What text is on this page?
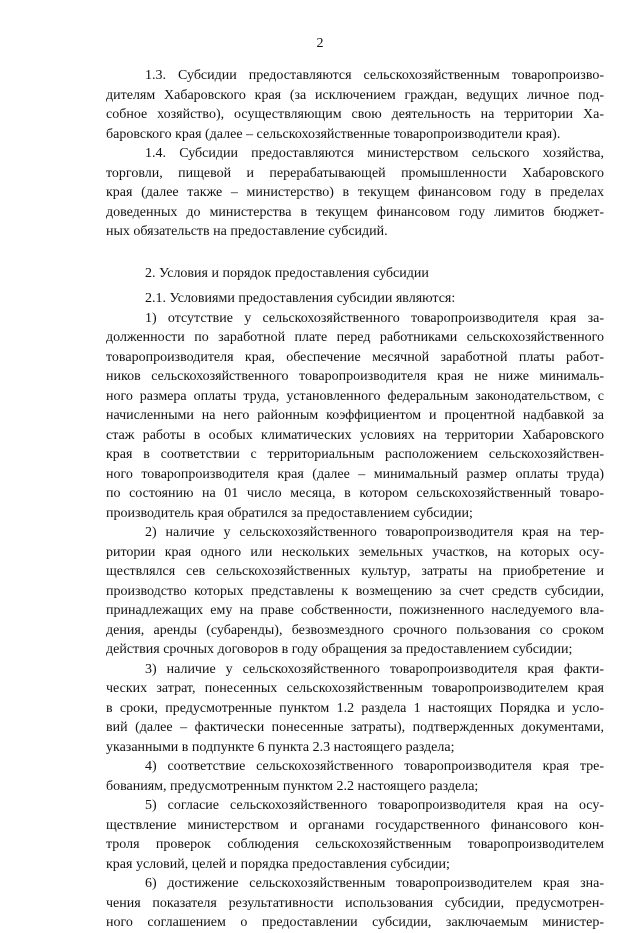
2
1.3. Субсидии предоставляются сельскохозяйственным товаропроизво-
дителям Хабаровского края (за исключением граждан, ведущих личное под-
собное хозяйство), осуществляющим свою деятельность на территории Ха-
баровского края (далее – сельскохозяйственные товаропроизводители края).
1.4. Субсидии предоставляются министерством сельского хозяйства,
торговли, пищевой и перерабатывающей промышленности Хабаровского
края (далее также – министерство) в текущем финансовом году в пределах
доведенных до министерства в текущем финансовом году лимитов бюджет-
ных обязательств на предоставление субсидий.
2. Условия и порядок предоставления субсидии
2.1. Условиями предоставления субсидии являются:
1) отсутствие у сельскохозяйственного товаропроизводителя края за-
долженности по заработной плате перед работниками сельскохозяйственного
товаропроизводителя края, обеспечение месячной заработной платы работ-
ников сельскохозяйственного товаропроизводителя края не ниже минималь-
ного размера оплаты труда, установленного федеральным законодательством, с
начисленными на него районным коэффициентом и процентной надбавкой за
стаж работы в особых климатических условиях на территории Хабаровского
края в соответствии с территориальным расположением сельскохозяйствен-
ного товаропроизводителя края (далее – минимальный размер оплаты труда)
по состоянию на 01 число месяца, в котором сельскохозяйственный товаро-
производитель края обратился за предоставлением субсидии;
2) наличие у сельскохозяйственного товаропроизводителя края на тер-
ритории края одного или нескольких земельных участков, на которых осу-
ществлялся сев сельскохозяйственных культур, затраты на приобретение и
производство которых представлены к возмещению за счет средств субсидии,
принадлежащих ему на праве собственности, пожизненного наследуемого вла-
дения, аренды (субаренды), безвозмездного срочного пользования со сроком
действия срочных договоров в году обращения за предоставлением субсидии;
3) наличие у сельскохозяйственного товаропроизводителя края факти-
ческих затрат, понесенных сельскохозяйственным товаропроизводителем края
в сроки, предусмотренные пунктом 1.2 раздела 1 настоящих Порядка и усло-
вий (далее – фактически понесенные затраты), подтвержденных документами,
указанными в подпункте 6 пункта 2.3 настоящего раздела;
4) соответствие сельскохозяйственного товаропроизводителя края тре-
бованиям, предусмотренным пунктом 2.2 настоящего раздела;
5) согласие сельскохозяйственного товаропроизводителя края на осу-
ществление министерством и органами государственного финансового кон-
троля проверок соблюдения сельскохозяйственным товаропроизводителем
края условий, целей и порядка предоставления субсидии;
6) достижение сельскохозяйственным товаропроизводителем края зна-
чения показателя результативности использования субсидии, предусмотрен-
ного соглашением о предоставлении субсидии, заключаемым министер-
